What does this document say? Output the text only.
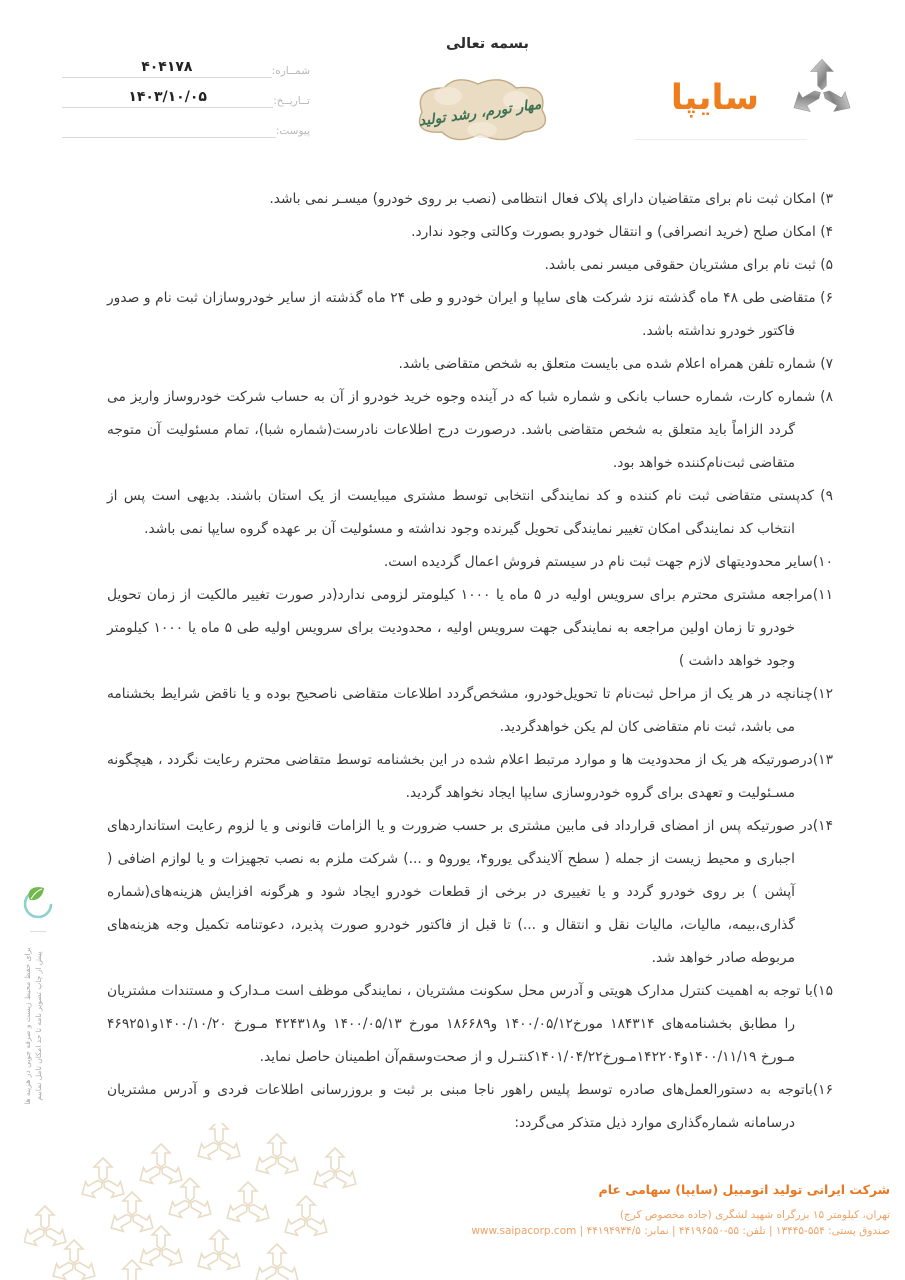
بسمه تعالی
مهار تورم، رشد تولید	سایپا
شمــاره:
۴۰۴۱۷۸
تــاریــخ:
۱۴۰۳/۱۰/۰۵
پیوست:
۳) امکان ثبت نام برای متقاضیان دارای پلاک فعال انتظامی (نصب بر روی خودرو) میسـر نمی باشد.
۴) امکان صلح (خرید انصرافی) و انتقال خودرو بصورت وکالتی وجود ندارد.
۵) ثبت نام برای مشتریان حقوقی میسر نمی باشد.
۶) متقاضی طی ۴۸ ماه گذشته نزد شرکت های سایپا و ایران خودرو و طی ۲۴ ماه گذشته از سایر خودروسازان ثبت نام و صدور فاکتور خودرو نداشته باشد.
۷) شماره تلفن همراه اعلام شده می بایست متعلق به شخص متقاضی باشد.
۸) شماره کارت، شماره حساب بانکی و شماره شبا که در آینده وجوه خرید خودرو از آن به حساب شرکت خودروساز واریز می گردد الزاماً باید متعلق به شخص متقاضی باشد. درصورت درج اطلاعات نادرست(شماره شبا)، تمام مسئولیت آن متوجه متقاضی ثبت‌نام‌کننده خواهد بود.
۹) کدپستی متقاضی ثبت نام کننده و کد نمایندگی انتخابی توسط مشتری میبایست از یک استان باشند. بدیهی است پس از انتخاب کد نمایندگی امکان تغییر نمایندگی تحویل گیرنده وجود نداشته و مسئولیت آن بر عهده گروه سایپا نمی باشد.
۱۰)سایر محدودیتهای لازم جهت ثبت نام در سیستم فروش اعمال گردیده است.
۱۱)مراجعه مشتری محترم برای سرویس اولیه در ۵ ماه یا ۱۰۰۰ کیلومتر لزومی ندارد(در صورت تغییر مالکیت از زمان تحویل خودرو تا زمان اولین مراجعه به نمایندگی جهت سرویس اولیه ، محدودیت برای سرویس اولیه طی ۵ ماه یا ۱۰۰۰ کیلومتر وجود خواهد داشت )
۱۲)چنانچه در هر یک از مراحل ثبت‌نام تا تحویل‌خودرو، مشخص‌گردد اطلاعات متقاضی ناصحیح بوده و یا ناقض شرایط بخشنامه می باشد، ثبت نام متقاضی کان لم یکن خواهدگردید.
۱۳)درصورتیکه هر یک از محدودیت ها و موارد مرتبط اعلام شده در این بخشنامه توسط متقاضی محترم رعایت نگردد ، هیچگونه مسـئولیت و تعهدی برای گروه خودروسازی سایپا ایجاد نخواهد گردید.
۱۴)در صورتیکه پس از امضای قرارداد فی مابین مشتری بر حسب ضرورت و یا الزامات قانونی و یا لزوم رعایت استانداردهای اجباری و محیط زیست از جمله ( سطح آلایندگی یورو۴، یورو۵ و ...) شرکت ملزم به نصب تجهیزات و یا لوازم اضافی ( آپشن ) بر روی خودرو گردد و یا تغییری در برخی از قطعات خودرو ایجاد شود و هرگونه افزایش هزینه‌های(شماره گذاری،بیمه، مالیات، مالیات نقل و انتقال و ...) تا قبل از فاکتور خودرو صورت پذیرد، دعوتنامه تکمیل وجه هزینه‌های مربوطه صادر خواهد شد.
۱۵)با توجه به اهمیت کنترل مدارک هویتی و آدرس محل سکونت مشتریان ، نمایندگی موظف است مـدارک و مستندات مشتریان را مطابق بخشنامه‌های ۱۸۴۳۱۴ مورخ۱۴۰۰/۰۵/۱۲ و۱۸۶۶۸۹ مورخ ۱۴۰۰/۰۵/۱۳ و۴۲۴۳۱۸ مـورخ ۱۴۰۰/۱۰/۲۰و۴۶۹۲۵۱ مـورخ ۱۴۰۰/۱۱/۱۹و۱۴۲۲۰۴مـورخ۱۴۰۱/۰۴/۲۲کنتـرل و از صحت‌وسقم‌آن اطمینان حاصل نماید.
۱۶)باتوجه به دستورالعمل‌های صادره توسط پلیس راهور ناجا مبنی بر ثبت و بروزرسانی اطلاعات فردی و آدرس مشتریان درسامانه شماره‌گذاری موارد ذیل متذکر می‌گردد:
برای حفظ محیط زیست و صرفه جویی در هزینه ها پیش از چاپ تصویر نامه تا حد امکان تامل نماییم
شرکت ایرانی تولید اتومبیل (سایپا) سهامی عام
تهران، کیلومتر ۱۵ بزرگراه شهید لشگری (جاده مخصوص کرج)
صندوق پستی: ⁦۱۳۴۴۵-۵۵۴⁩ | تلفن: ⁦۴۴۱۹۶۵۵۰-۵۵⁩ | نمابر: ۴۴۱۹۴۹۳۴/۵ | www.saipacorp.com
